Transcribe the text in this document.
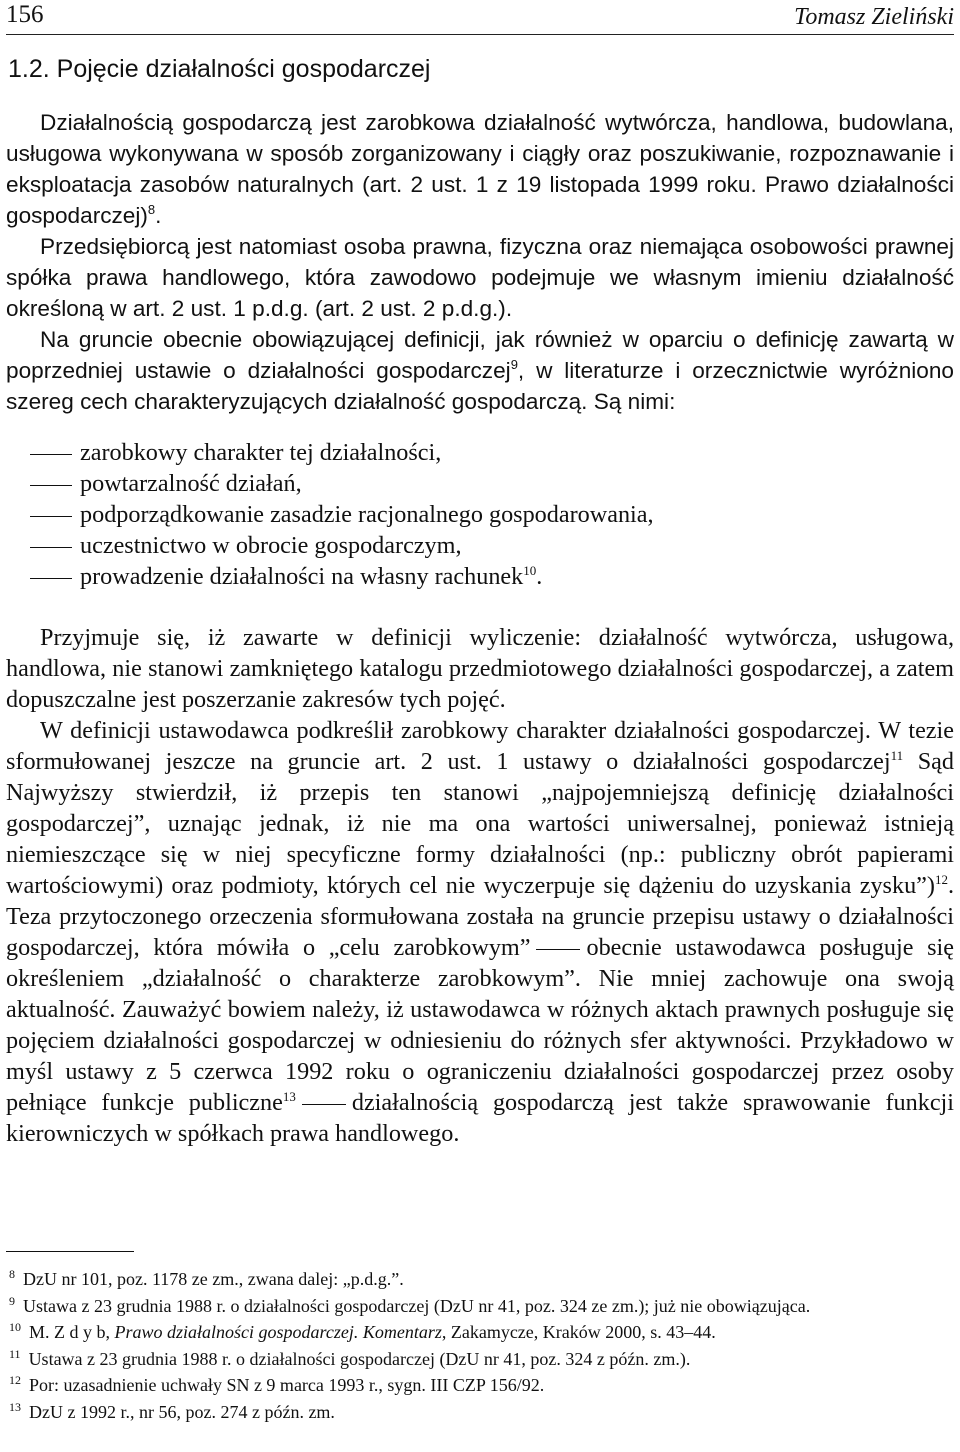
156	Tomasz Zieliński
1.2. Pojęcie działalności gospodarczej

Działalnością gospodarczą jest zarobkowa działalność wytwórcza, handlowa, budowlana, usługowa wykonywana w sposób zorganizowany i ciągły oraz poszukiwanie, rozpoznawanie i eksploatacja zasobów naturalnych (art. 2 ust. 1 z 19 listopada 1999 roku. Prawo działalności gospodarczej)$^8$.

Przedsiębiorcą jest natomiast osoba prawna, fizyczna oraz niemająca osobowości prawnej spółka prawa handlowego, która zawodowo podejmuje we własnym imieniu działalność określoną w art. 2 ust. 1 p.d.g. (art. 2 ust. 2 p.d.g.).

Na gruncie obecnie obowiązującej definicji, jak również w oparciu o definicję zawartą w poprzedniej ustawie o działalności gospodarczej$^9$, w literaturze i orzecznictwie wyróżniono szereg cech charakteryzujących działalność gospodarczą. Są nimi:

zarobkowy charakter tej działalności,

powtarzalność działań,

podporządkowanie zasadzie racjonalnego gospodarowania,

uczestnictwo w obrocie gospodarczym,

prowadzenie działalności na własny rachunek$^{10}$.

Przyjmuje się, iż zawarte w definicji wyliczenie: działalność wytwórcza, usługowa, handlowa, nie stanowi zamkniętego katalogu przedmiotowego działalności gospodarczej, a zatem dopuszczalne jest poszerzanie zakresów tych pojęć.

W definicji ustawodawca podkreślił zarobkowy charakter działalności gospodarczej. W tezie sformułowanej jeszcze na gruncie art. 2 ust. 1 ustawy o działalności gospodarczej$^{11}$ Sąd Najwyższy stwierdził, iż przepis ten stanowi „najpojemniejszą definicję działalności gospodarczej”, uznając jednak, iż nie ma ona wartości uniwersalnej, ponieważ istnieją niemieszczące się w niej specyficzne formy działalności (np.: publiczny obrót papierami wartościowymi) oraz podmioty, których cel nie wyczerpuje się dążeniu do uzyskania zysku”)$^{12}$. Teza przytoczonego orzeczenia sformułowana została na gruncie przepisu ustawy o działalności gospodarczej, która mówiła o „celu zarobkowym” obecnie ustawodawca posługuje się określeniem „działalność o charakterze zarobkowym”. Nie mniej zachowuje ona swoją aktualność. Zauważyć bowiem należy, iż ustawodawca w różnych aktach prawnych posługuje się pojęciem działalności gospodarczej w odniesieniu do różnych sfer aktywności. Przykładowo w myśl ustawy z 5 czerwca 1992 roku o ograniczeniu działalności gospodarczej przez osoby pełniące funkcje publiczne$^{13}$ działalnością gospodarczą jest także sprawowanie funkcji kierowniczych w spółkach prawa handlowego.

$^8$ DzU nr 101, poz. 1178 ze zm., zwana dalej: „p.d.g.”.

$^9$ Ustawa z 23 grudnia 1988 r. o działalności gospodarczej (DzU nr 41, poz. 324 ze zm.); już nie obowiązująca.

$^{10}$ M. Z d y b, Prawo działalności gospodarczej. Komentarz, Zakamycze, Kraków 2000, s. 43–44.

$^{11}$ Ustawa z 23 grudnia 1988 r. o działalności gospodarczej (DzU nr 41, poz. 324 z późn. zm.).

$^{12}$ Por: uzasadnienie uchwały SN z 9 marca 1993 r., sygn. III CZP 156/92.

$^{13}$ DzU z 1992 r., nr 56, poz. 274 z późn. zm.
